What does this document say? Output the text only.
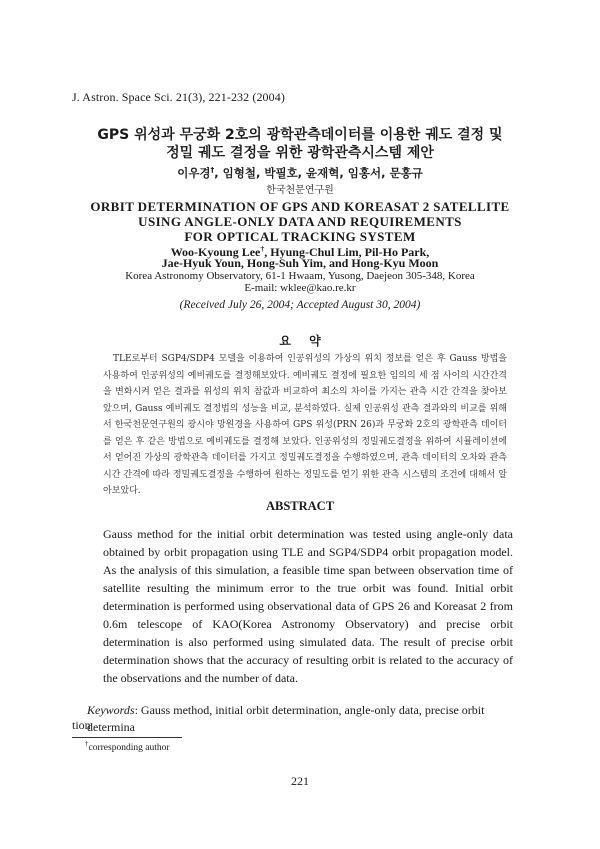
J. Astron. Space Sci. 21(3), 221-232 (2004)
GPS 위성과 무궁화 2호의 광학관측데이터를 이용한 궤도 결정 및
정밀 궤도 결정을 위한 광학관측시스템 제안
이우경†, 임형철, 박필호, 윤재혁, 임홍서, 문홍규
한국천문연구원
ORBIT DETERMINATION OF GPS AND KOREASAT 2 SATELLITE
USING ANGLE-ONLY DATA AND REQUIREMENTS
FOR OPTICAL TRACKING SYSTEM
Woo-Kyoung Lee†, Hyung-Chul Lim, Pil-Ho Park,
Jae-Hyuk Youn, Hong-Suh Yim, and Hong-Kyu Moon
Korea Astronomy Observatory, 61-1 Hwaam, Yusong, Daejeon 305-348, Korea
E-mail: wklee@kao.re.kr
(Received July 26, 2004; Accepted August 30, 2004)
요 약
TLE로부터 SGP4/SDP4 모델을 이용하여 인공위성의 가상의 위치 정보를 얻은 후 Gauss 방법을 사용하여 인공위성의 예비궤도를 결정해보았다. 예비궤도 결정에 필요한 임의의 세 점 사이의 시간간격을 변화시켜 얻은 결과를 위성의 위치 참값과 비교하여 최소의 차이를 가지는 관측 시간 간격을 찾아보았으며, Gauss 예비궤도 결정법의 성능을 비교, 분석하였다. 실제 인공위성 관측 결과와의 비교를 위해서 한국천문연구원의 광시야 망원경을 사용하여 GPS 위성(PRN 26)과 무궁화 2호의 광학관측 데이터를 얻은 후 같은 방법으로 예비궤도를 결정해 보았다. 인공위성의 정밀궤도결정을 위하여 시뮬레이션에서 얻어진 가상의 광학관측 데이터를 가지고 정밀궤도결정을 수행하였으며, 관측 데이터의 오차와 관측 시간 간격에 따라 정밀궤도결정을 수행하여 원하는 정밀도를 얻기 위한 관측 시스템의 조건에 대해서 알아보았다.
ABSTRACT
Gauss method for the initial orbit determination was tested using angle-only data obtained by orbit propagation using TLE and SGP4/SDP4 orbit propagation model. As the analysis of this simulation, a feasible time span between observation time of satellite resulting the minimum error to the true orbit was found. Initial orbit determination is performed using observational data of GPS 26 and Koreasat 2 from 0.6m telescope of KAO(Korea Astronomy Observatory) and precise orbit determination is also performed using simulated data. The result of precise orbit determination shows that the accuracy of resulting orbit is related to the accuracy of the observations and the number of data.
Keywords: Gauss method, initial orbit determination, angle-only data, precise orbit determina
tion
†corresponding author
221
